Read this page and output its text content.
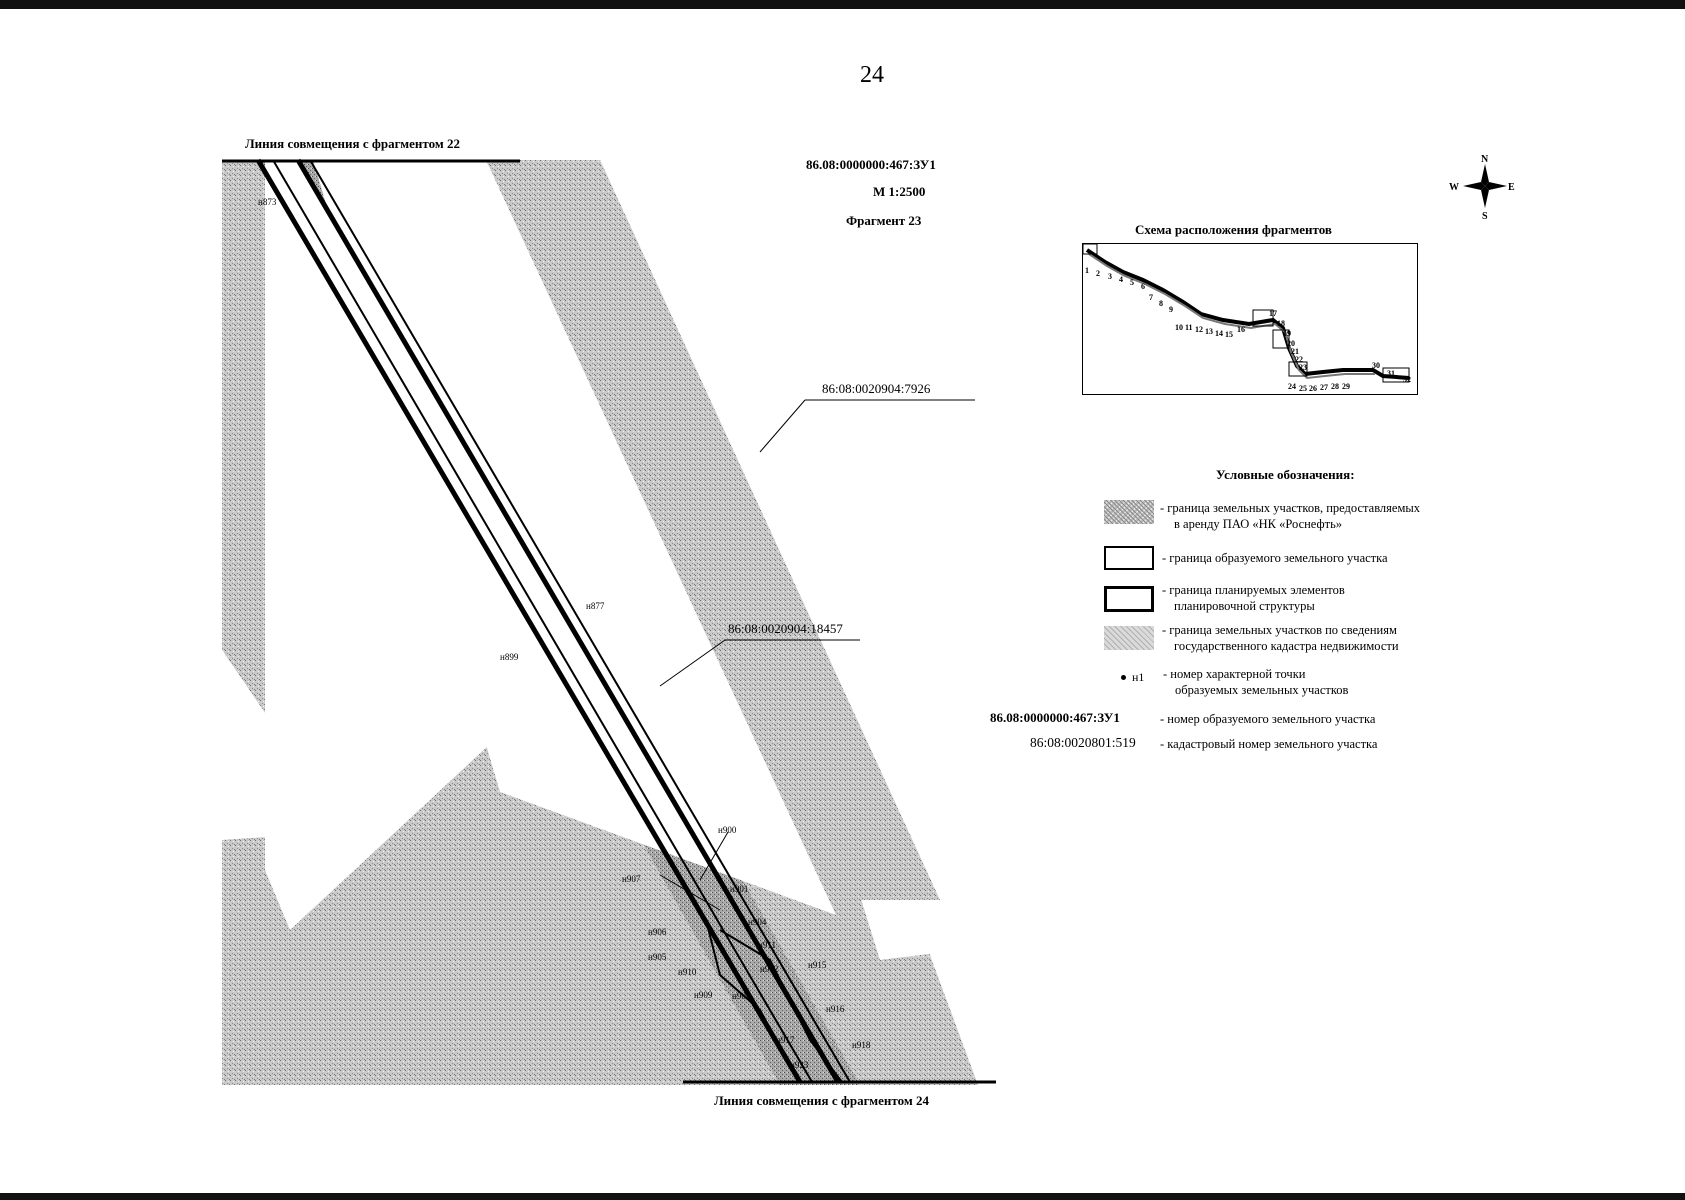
24
н873
н877
н899
н900
н901
н907
н904
н906
н911
н905
н912
н910
н915
н909 н908
н916
н917	н918
н923
86:08:0020904:7926
86:08:0020904:18457
Линия совмещения с фрагментом 22
Линия совмещения с фрагментом 24
86.08:0000000:467:ЗУ1
М 1:2500
Фрагмент 23
N
S
W	E
Схема расположения фрагментов
1 2 3 4 5 6
7
8
9
10 11 12 13 14 15
16
17
18
19
20
21
22
23
24 25 26 27 28 29
30
31
32
Условные обозначения:
- граница земельных участков, предоставляемых
в аренду ПАО «НК «Роснефть»
- граница образуемого земельного участка
- граница планируемых элементов
планировочной структуры
- граница земельных участков по сведениям
государственного кадастра недвижимости
н1 - номер характерной точки
образуемых земельных участков
86.08:0000000:467:ЗУ1	- номер образуемого земельного участка
86:08:0020801:519 - кадастровый номер земельного участка
